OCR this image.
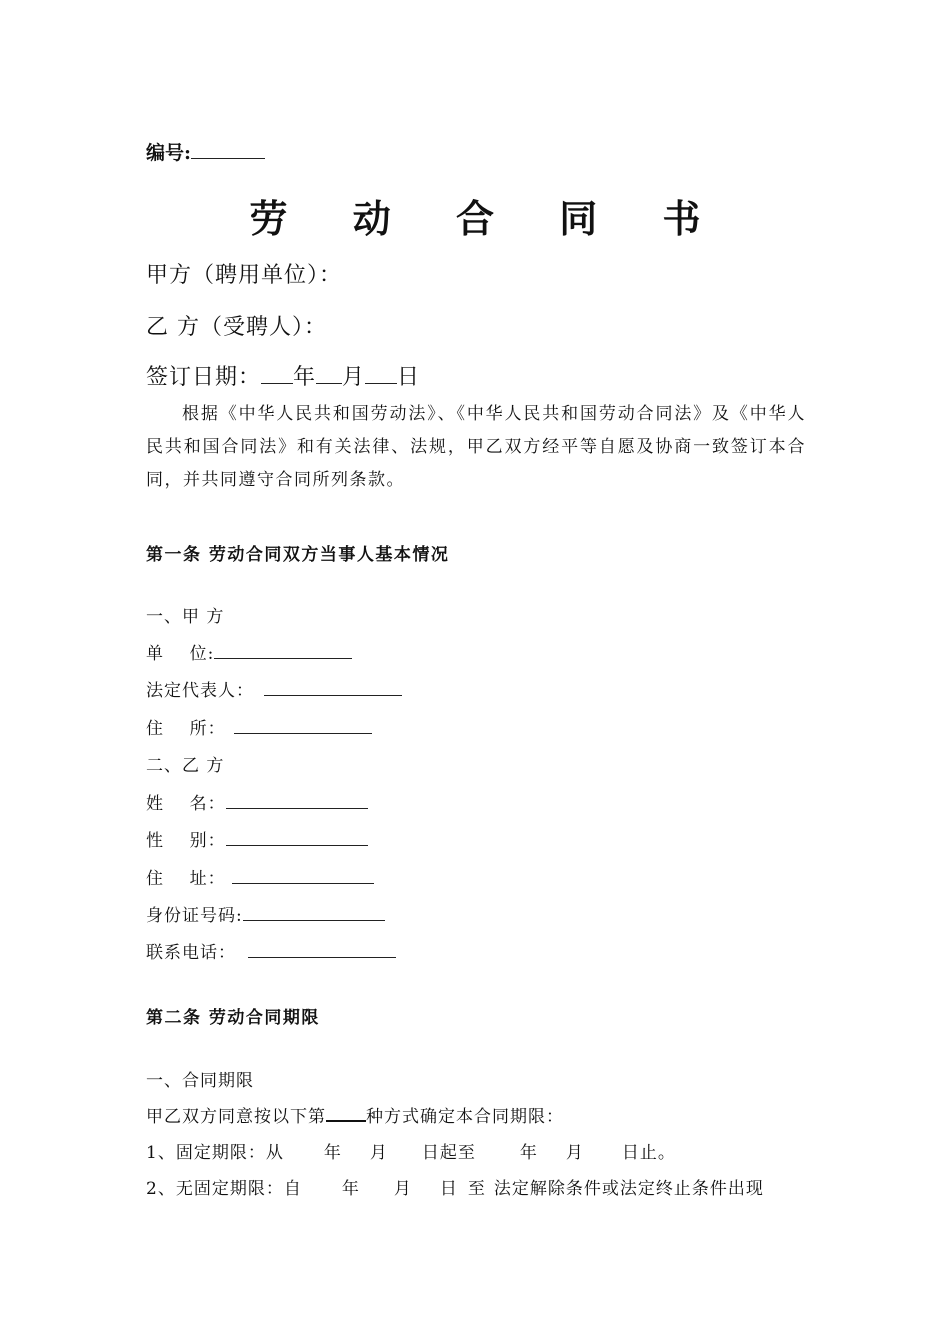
编号:
劳 动 合 同 书
甲方（聘用单位）：
乙 方（受聘人）：
签订日期： 年 月 日
根据《中华人民共和国劳动法》、《中华人民共和国劳动合同法》及《中华人民共和国合同法》和有关法律、法规，甲乙双方经平等自愿及协商一致签订本合同，并共同遵守合同所列条款。
第一条 劳动合同双方当事人基本情况
一、甲 方
单    位:
法定代表人：
住    所：
二、乙 方
姓    名：
性    别：
住    址：
身份证号码:
联系电话：
第二条 劳动合同期限
一、合同期限
甲乙双方同意按以下第 种方式确定本合同期限：
1、固定期限：从 年 月 日起至	年 月 日止。
2、无固定期限：自 年 月 日 至 法定解除条件或法定终止条件出现
